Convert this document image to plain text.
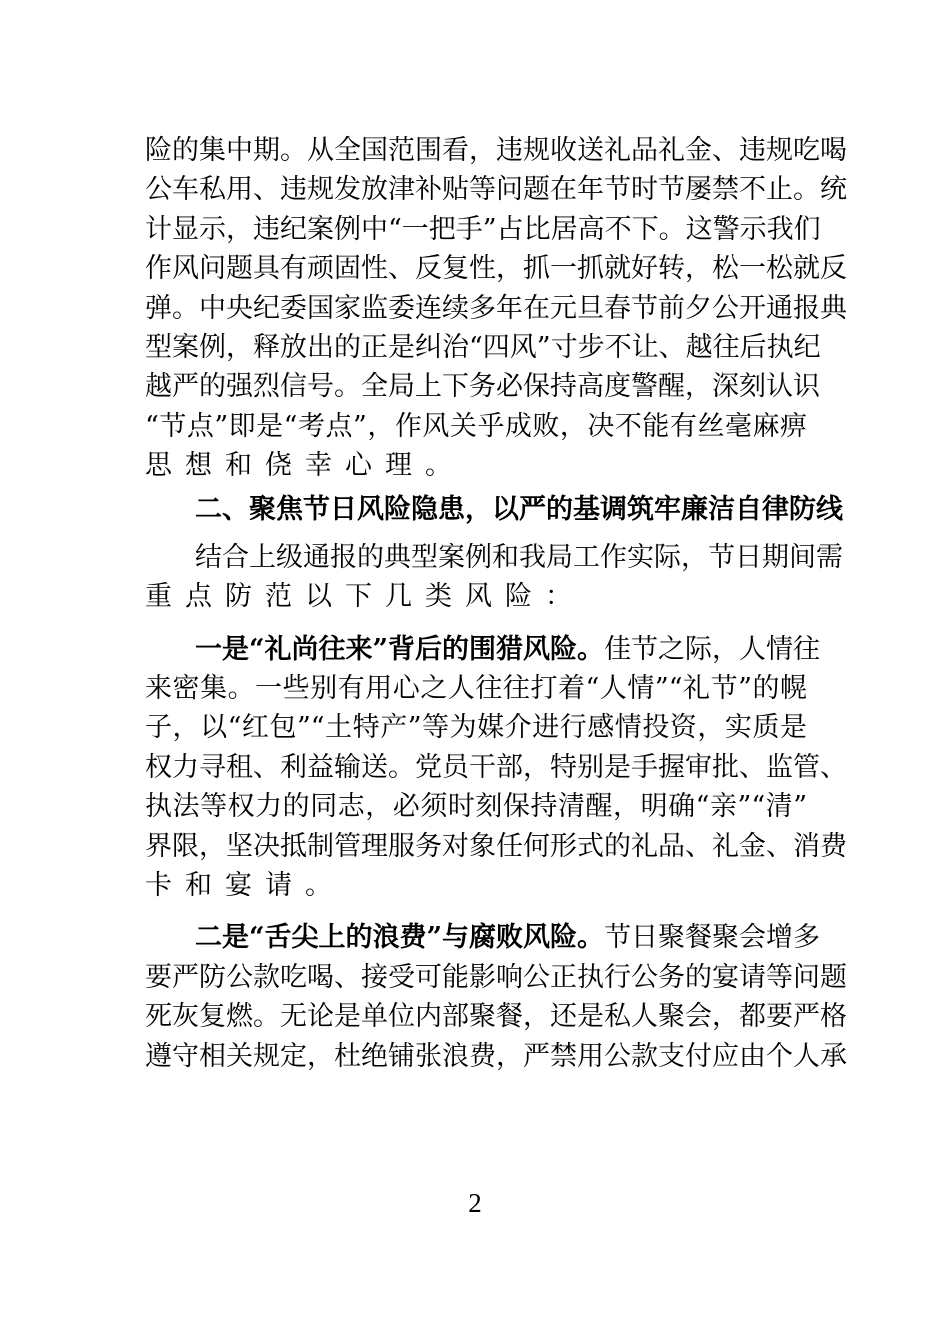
险的集中期。从全国范围看，违规收送礼品礼金、违规吃喝
公车私用、违规发放津补贴等问题在年节时节屡禁不止。统
计显示，违纪案例中“一把手”占比居高不下。这警示我们
作风问题具有顽固性、反复性，抓一抓就好转，松一松就反
弹。中央纪委国家监委连续多年在元旦春节前夕公开通报典
型案例，释放出的正是纠治“四风”寸步不让、越往后执纪
越严的强烈信号。全局上下务必保持高度警醒，深刻认识
“节点”即是“考点”，作风关乎成败，决不能有丝毫麻痹
思想和侥幸心理。
二、聚焦节日风险隐患，以严的基调筑牢廉洁自律防线
结合上级通报的典型案例和我局工作实际，节日期间需
重点防范以下几类风险：
一是“礼尚往来”背后的围猎风险。佳节之际，人情往
来密集。一些别有用心之人往往打着“人情”“礼节”的幌
子，以“红包”“土特产”等为媒介进行感情投资，实质是
权力寻租、利益输送。党员干部，特别是手握审批、监管、
执法等权力的同志，必须时刻保持清醒，明确“亲”“清”
界限，坚决抵制管理服务对象任何形式的礼品、礼金、消费
卡和宴请。
二是“舌尖上的浪费”与腐败风险。节日聚餐聚会增多
要严防公款吃喝、接受可能影响公正执行公务的宴请等问题
死灰复燃。无论是单位内部聚餐，还是私人聚会，都要严格
遵守相关规定，杜绝铺张浪费，严禁用公款支付应由个人承
2
